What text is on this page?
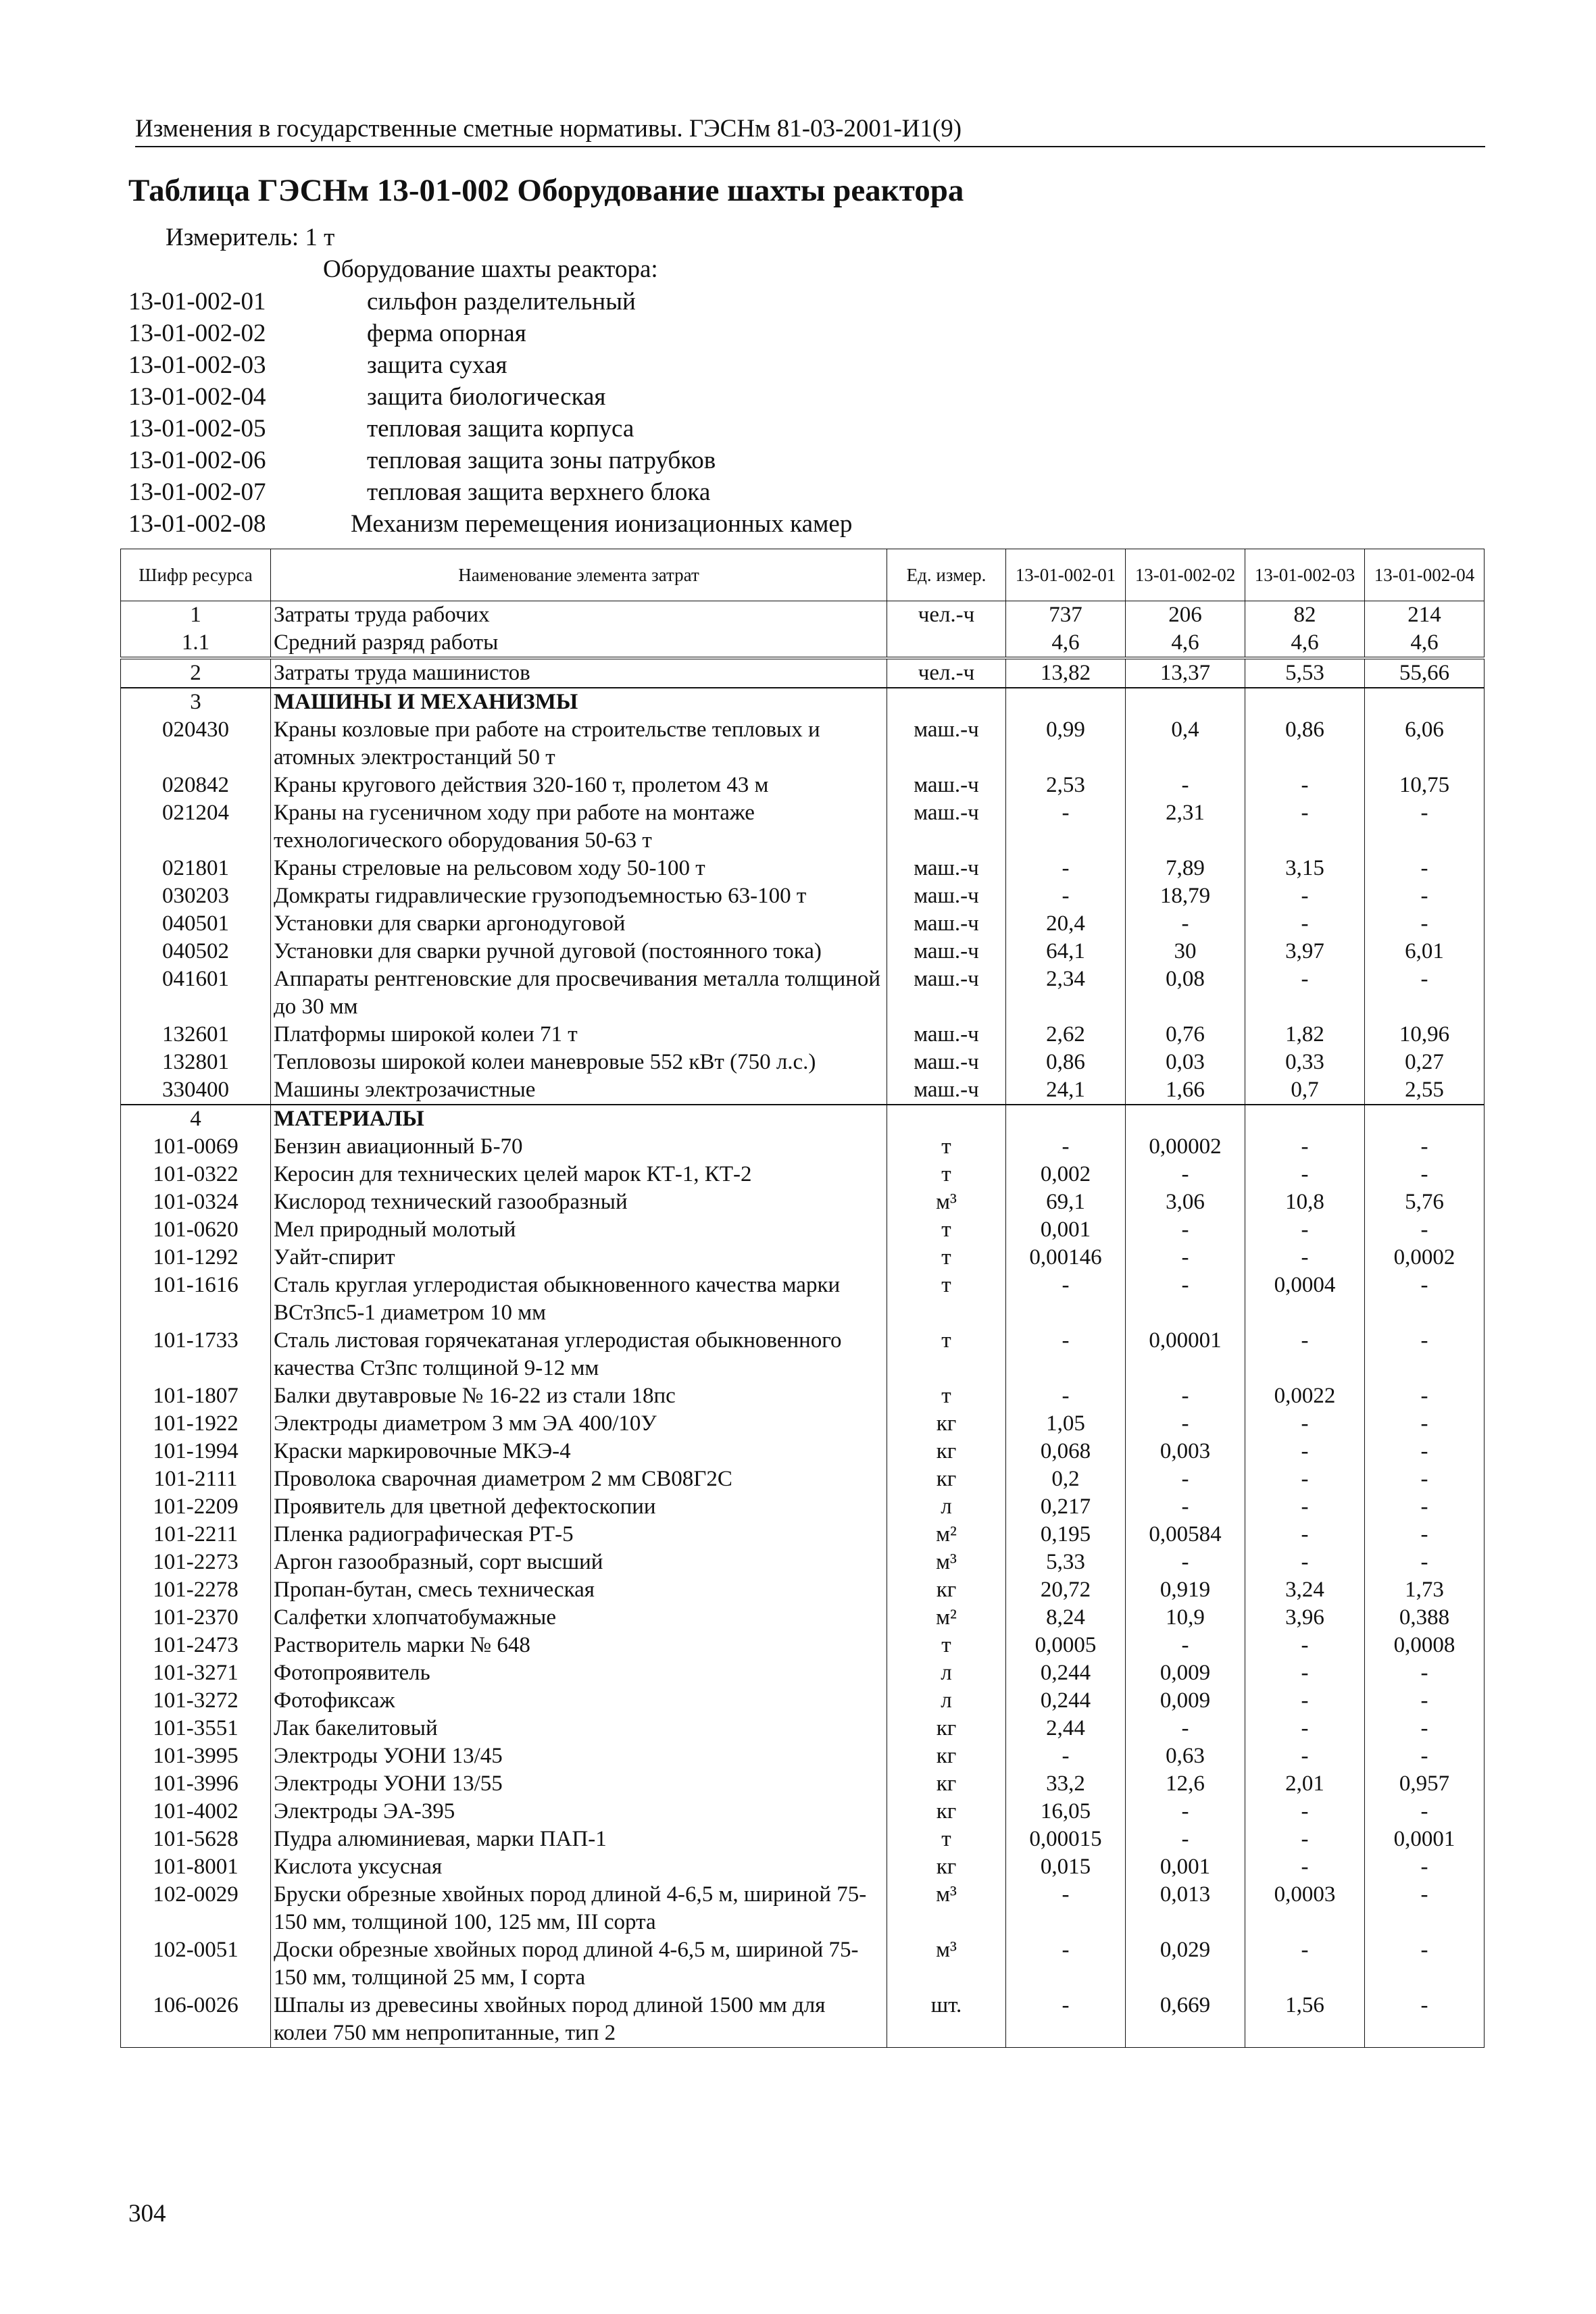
Изменения в государственные сметные нормативы. ГЭСНм 81-03-2001-И1(9)
Таблица ГЭСНм 13-01-002 Оборудование шахты реактора
Измеритель: 1 т
Оборудование шахты реактора:
13-01-002-01	сильфон разделительный
13-01-002-02	ферма опорная
13-01-002-03	защита сухая
13-01-002-04	защита биологическая
13-01-002-05	тепловая защита корпуса
13-01-002-06	тепловая защита зоны патрубков
13-01-002-07	тепловая защита верхнего блока
13-01-002-08	Механизм перемещения ионизационных камер
Шифр ресурса	Наименование элемента затрат	Ед. измер.	13-01-002-01	13-01-002-02	13-01-002-03	13-01-002-04
1	Затраты труда рабочих	чел.-ч	737	206	82	214
1.1	Средний разряд работы		4,6	4,6	4,6	4,6
2	Затраты труда машинистов	чел.-ч	13,82	13,37	5,53	55,66
3	МАШИНЫ И МЕХАНИЗМЫ					
020430	Краны козловые при работе на строительстве тепловых и атомных электростанций 50 т	маш.-ч	0,99	0,4	0,86	6,06
020842	Краны кругового действия 320-160 т, пролетом 43 м	маш.-ч	2,53	-	-	10,75
021204	Краны на гусеничном ходу при работе на монтаже технологического оборудования 50-63 т	маш.-ч	-	2,31	-	-
021801	Краны стреловые на рельсовом ходу 50-100 т	маш.-ч	-	7,89	3,15	-
030203	Домкраты гидравлические грузоподъемностью 63-100 т	маш.-ч	-	18,79	-	-
040501	Установки для сварки аргонодуговой	маш.-ч	20,4	-	-	-
040502	Установки для сварки ручной дуговой (постоянного тока)	маш.-ч	64,1	30	3,97	6,01
041601	Аппараты рентгеновские для просвечивания металла толщиной до 30 мм	маш.-ч	2,34	0,08	-	-
132601	Платформы широкой колеи 71 т	маш.-ч	2,62	0,76	1,82	10,96
132801	Тепловозы широкой колеи маневровые 552 кВт (750 л.с.)	маш.-ч	0,86	0,03	0,33	0,27
330400	Машины электрозачистные	маш.-ч	24,1	1,66	0,7	2,55
4	МАТЕРИАЛЫ					
101-0069	Бензин авиационный Б-70	т	-	0,00002	-	-
101-0322	Керосин для технических целей марок КТ-1, КТ-2	т	0,002	-	-	-
101-0324	Кислород технический газообразный	м³	69,1	3,06	10,8	5,76
101-0620	Мел природный молотый	т	0,001	-	-	-
101-1292	Уайт-спирит	т	0,00146	-	-	0,0002
101-1616	Сталь круглая углеродистая обыкновенного качества марки ВСт3пс5-1 диаметром 10 мм	т	-	-	0,0004	-
101-1733	Сталь листовая горячекатаная углеродистая обыкновенного качества Ст3пс толщиной 9-12 мм	т	-	0,00001	-	-
101-1807	Балки двутавровые № 16-22 из стали 18пс	т	-	-	0,0022	-
101-1922	Электроды диаметром 3 мм ЭА 400/10У	кг	1,05	-	-	-
101-1994	Краски маркировочные МКЭ-4	кг	0,068	0,003	-	-
101-2111	Проволока сварочная диаметром 2 мм СВ08Г2С	кг	0,2	-	-	-
101-2209	Проявитель для цветной дефектоскопии	л	0,217	-	-	-
101-2211	Пленка радиографическая РТ-5	м²	0,195	0,00584	-	-
101-2273	Аргон газообразный, сорт высший	м³	5,33	-	-	-
101-2278	Пропан-бутан, смесь техническая	кг	20,72	0,919	3,24	1,73
101-2370	Салфетки хлопчатобумажные	м²	8,24	10,9	3,96	0,388
101-2473	Растворитель марки № 648	т	0,0005	-	-	0,0008
101-3271	Фотопроявитель	л	0,244	0,009	-	-
101-3272	Фотофиксаж	л	0,244	0,009	-	-
101-3551	Лак бакелитовый	кг	2,44	-	-	-
101-3995	Электроды УОНИ 13/45	кг	-	0,63	-	-
101-3996	Электроды УОНИ 13/55	кг	33,2	12,6	2,01	0,957
101-4002	Электроды ЭА-395	кг	16,05	-	-	-
101-5628	Пудра алюминиевая, марки ПАП-1	т	0,00015	-	-	0,0001
101-8001	Кислота уксусная	кг	0,015	0,001	-	-
102-0029	Бруски обрезные хвойных пород длиной 4-6,5 м, шириной 75-150 мм, толщиной 100, 125 мм, III сорта	м³	-	0,013	0,0003	-
102-0051	Доски обрезные хвойных пород длиной 4-6,5 м, шириной 75-150 мм, толщиной 25 мм, I сорта	м³	-	0,029	-	-
106-0026	Шпалы из древесины хвойных пород длиной 1500 мм для колеи 750 мм непропитанные, тип 2	шт.	-	0,669	1,56	-
304
